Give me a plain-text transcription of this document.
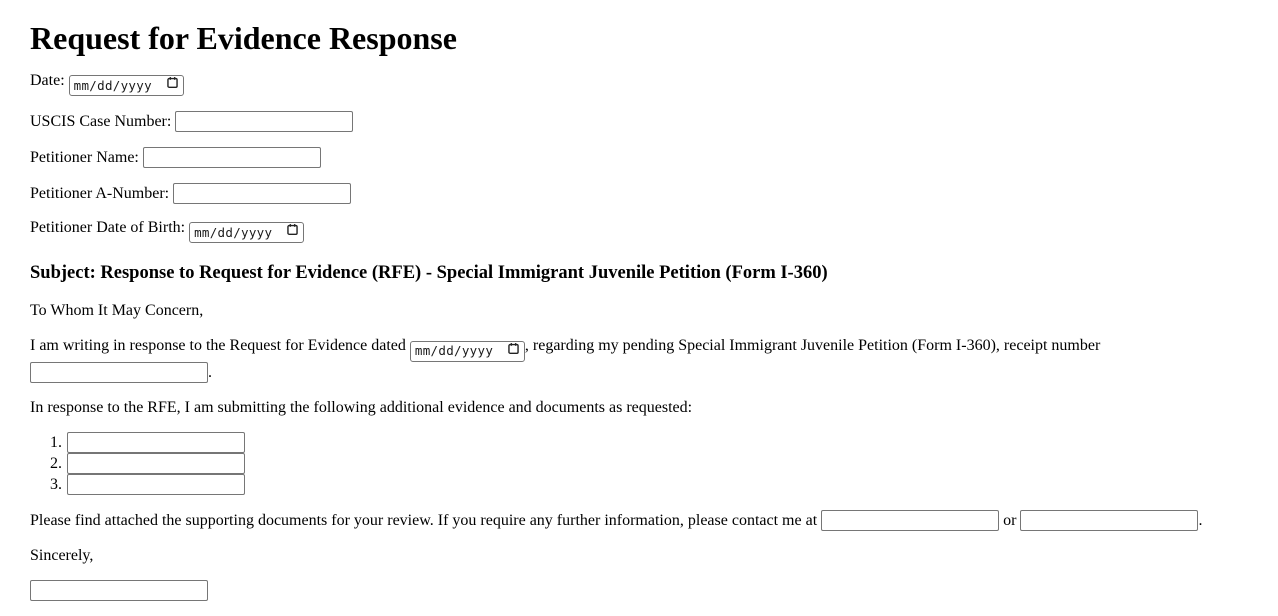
Request for Evidence Response

Date: mm/dd/yyyy

USCIS Case Number:

Petitioner Name:

Petitioner A-Number:

Petitioner Date of Birth: mm/dd/yyyy

Subject: Response to Request for Evidence (RFE) - Special Immigrant Juvenile Petition (Form I-360)

To Whom It May Concern,

I am writing in response to the Request for Evidence dated mm/dd/yyyy , regarding my pending Special Immigrant Juvenile Petition (Form I-360), receipt number .

In response to the RFE, I am submitting the following additional evidence and documents as requested:

1.
2.
3.

Please find attached the supporting documents for your review. If you require any further information, please contact me at	or	.

Sincerely,
